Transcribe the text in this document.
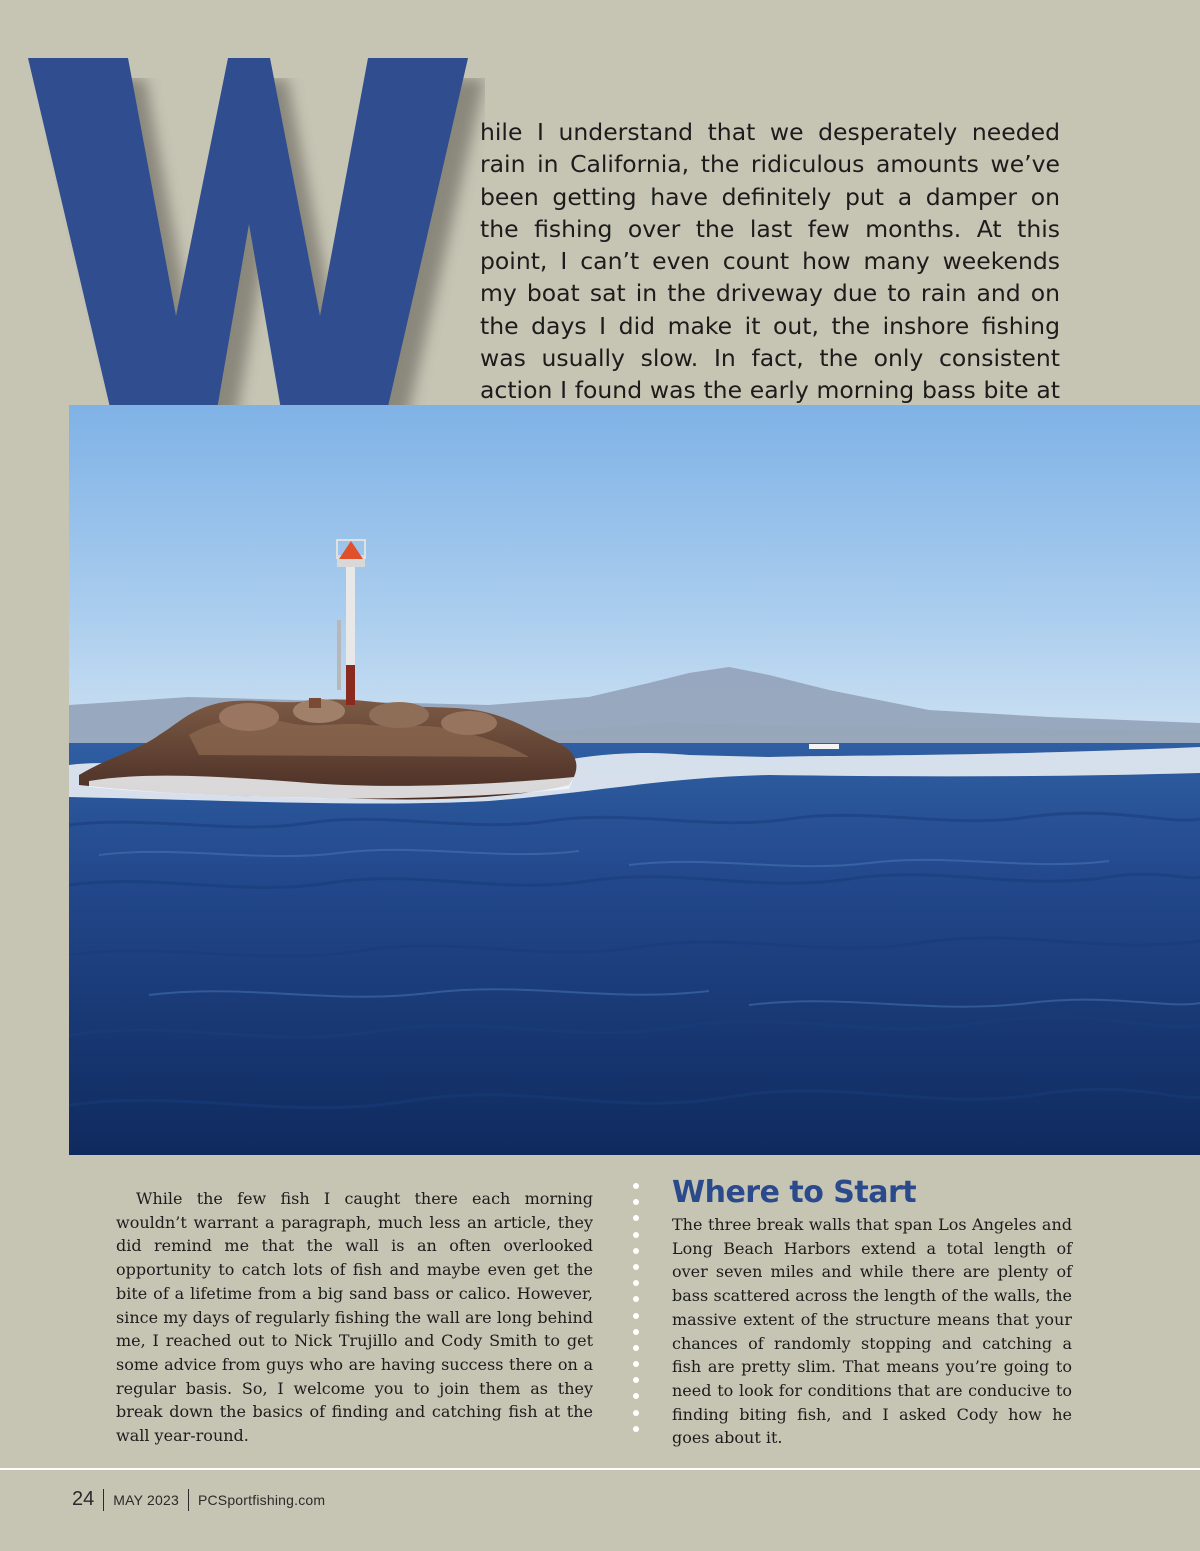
hile I understand that we desperately needed rain in California, the ridiculous amounts we’ve been getting have definitely put a damper on the fishing over the last few months. At this point, I can’t even count how many weekends my boat sat in the driveway due to rain and on the days I did make it out, the inshore fishing was usually slow. In fact, the only consistent action I found was the early morning bass bite at

While the few fish I caught there each morning wouldn’t warrant a paragraph, much less an article, they did remind me that the wall is an often overlooked opportunity to catch lots of fish and maybe even get the bite of a lifetime from a big sand bass or calico. However, since my days of regularly fishing the wall are long behind me, I reached out to Nick Trujillo and Cody Smith to get some advice from guys who are having success there on a regular basis. So, I welcome you to join them as they break down the basics of finding and catching fish at the wall year-round.

Where to Start

The three break walls that span Los Angeles and Long Beach Harbors extend a total length of over seven miles and while there are plenty of bass scattered across the length of the walls, the massive extent of the structure means that your chances of randomly stopping and catching a fish are pretty slim. That means you’re going to need to look for conditions that are conducive to finding biting fish, and I asked Cody how he goes about it.

24 MAY 2023 PCSportfishing.com
